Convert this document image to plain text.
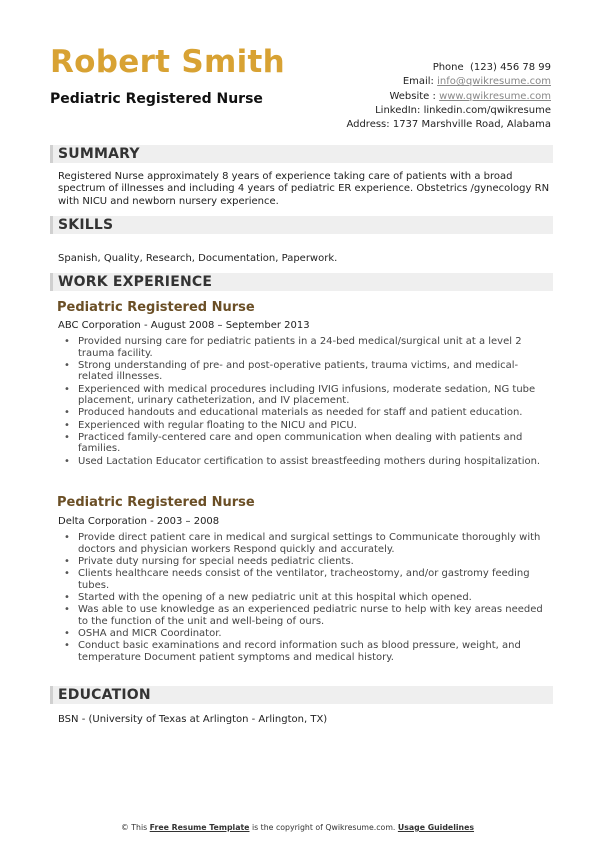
Robert Smith
Pediatric Registered Nurse
Phone (123) 456 78 99
Email: info@qwikresume.com
Website : www.qwikresume.com
LinkedIn: linkedin.com/qwikresume
Address: 1737 Marshville Road, Alabama
SUMMARY
Registered Nurse approximately 8 years of experience taking care of patients with a broad spectrum of illnesses and including 4 years of pediatric ER experience. Obstetrics /gynecology RN with NICU and newborn nursery experience.
SKILLS
Spanish, Quality, Research, Documentation, Paperwork.
WORK EXPERIENCE
Pediatric Registered Nurse
ABC Corporation - August 2008 – September 2013
• Provided nursing care for pediatric patients in a 24-bed medical/surgical unit at a level 2 trauma facility.
• Strong understanding of pre- and post-operative patients, trauma victims, and medical-related illnesses.
• Experienced with medical procedures including IVIG infusions, moderate sedation, NG tube placement, urinary catheterization, and IV placement.
• Produced handouts and educational materials as needed for staff and patient education.
• Experienced with regular floating to the NICU and PICU.
• Practiced family-centered care and open communication when dealing with patients and families.
• Used Lactation Educator certification to assist breastfeeding mothers during hospitalization.
Pediatric Registered Nurse
Delta Corporation - 2003 – 2008
• Provide direct patient care in medical and surgical settings to Communicate thoroughly with doctors and physician workers Respond quickly and accurately.
• Private duty nursing for special needs pediatric clients.
• Clients healthcare needs consist of the ventilator, tracheostomy, and/or gastromy feeding tubes.
• Started with the opening of a new pediatric unit at this hospital which opened.
• Was able to use knowledge as an experienced pediatric nurse to help with key areas needed to the function of the unit and well-being of ours.
• OSHA and MICR Coordinator.
• Conduct basic examinations and record information such as blood pressure, weight, and temperature Document patient symptoms and medical history.
EDUCATION
BSN - (University of Texas at Arlington - Arlington, TX)
© This Free Resume Template is the copyright of Qwikresume.com. Usage Guidelines
